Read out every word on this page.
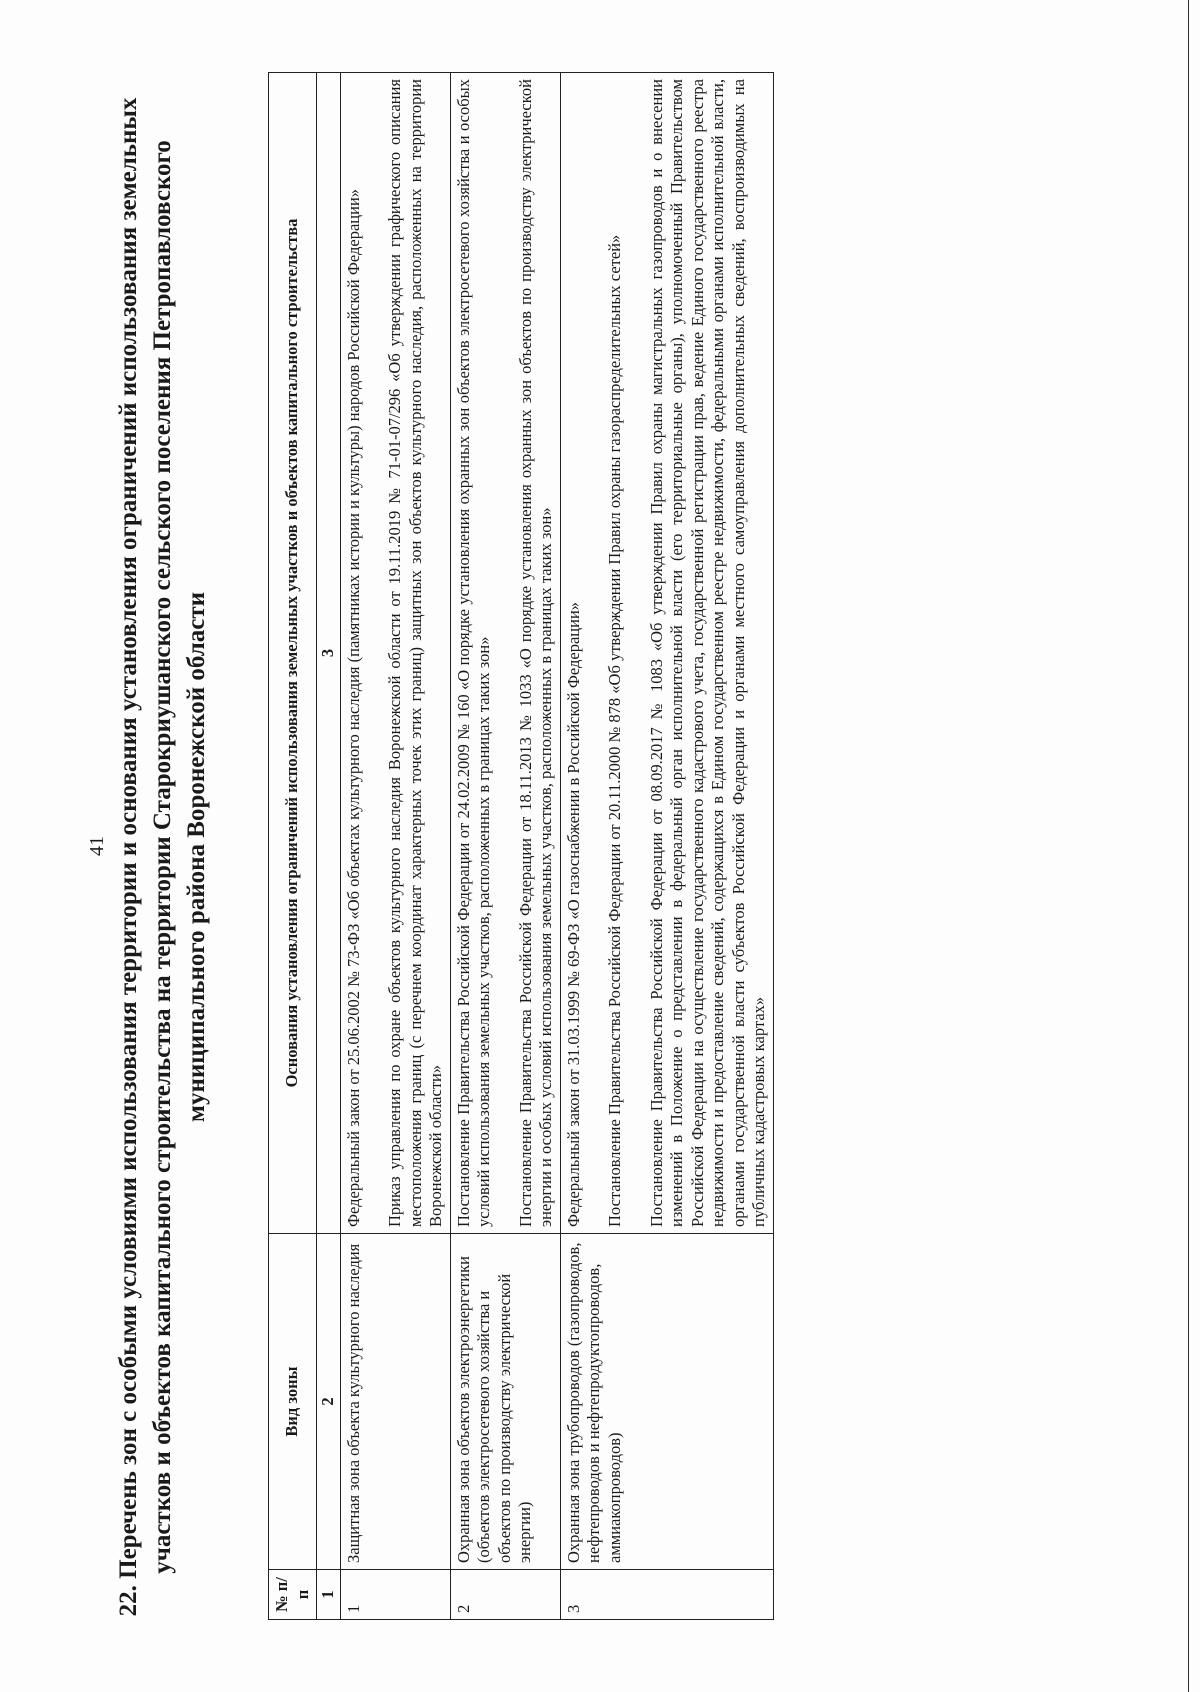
41 22. Перечень зон с особыми условиями использования территории и основания установления ограничений использования земельных участков и объектов капитального строительства на территории Старокриушанского сельского поселения Петропавловского муниципального района Воронежской области
№ п/п	Вид зоны	Основания установления ограничений использования земельных участков и объектов капитального строительства
1	2	3
1	Защитная зона объекта культурного наследия	Федеральный закон от 25.06.2002 № 73-ФЗ «Об объектах культурного наследия (памятниках истории и культуры) народов Российской Федерации» Приказ управления по охране объектов культурного наследия Воронежской области от 19.11.2019 № 71-01-07/296 «Об утверждении графического описания местоположения границ (с перечнем координат характерных точек этих границ) защитных зон объектов культурного наследия, расположенных на территории Воронежской области»

2	Охранная зона объектов электроэнергетики (объектов электросетевого хозяйства и объектов по производству электрической энергии)	Постановление Правительства Российской Федерации от 24.02.2009 № 160 «О порядке установления охранных зон объектов электросетевого хозяйства и особых условий использования земельных участков, расположенных в границах таких зон» Постановление Правительства Российской Федерации от 18.11.2013 № 1033 «О порядке установления охранных зон объектов по производству электрической энергии и особых условий использования земельных участков, расположенных в границах таких зон»

3	Охранная зона трубопроводов (газопроводов, нефтепроводов и нефтепродуктопроводов, аммиакопроводов)	Федеральный закон от 31.03.1999 № 69-ФЗ «О газоснабжении в Российской Федерации» Постановление Правительства Российской Федерации от 20.11.2000 № 878 «Об утверждении Правил охраны газораспределительных сетей» Постановление Правительства Российской Федерации от 08.09.2017 № 1083 «Об утверждении Правил охраны магистральных газопроводов и о внесении изменений в Положение о представлении в федеральный орган исполнительной власти (его территориальные органы), уполномоченный Правительством Российской Федерации на осуществление государственного кадастрового учета, государственной регистрации прав, ведение Единого государственного реестра недвижимости и предоставление сведений, содержащихся в Едином государственном реестре недвижимости, федеральными органами исполнительной власти, органами государственной власти субъектов Российской Федерации и органами местного самоуправления дополнительных сведений, воспроизводимых на публичных кадастровых картах»
